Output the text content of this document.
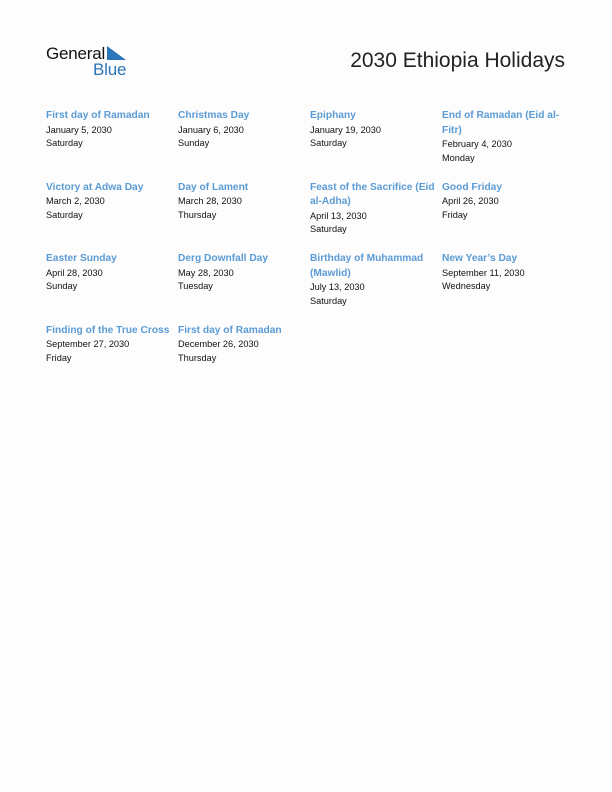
General
Blue	2030 Ethiopia Holidays
First day of Ramadan
January 5, 2030
Saturday
Christmas Day
January 6, 2030
Sunday
Epiphany
January 19, 2030
Saturday
End of Ramadan (Eid al-Fitr)
February 4, 2030
Monday
Victory at Adwa Day
March 2, 2030
Saturday
Day of Lament
March 28, 2030
Thursday
Feast of the Sacrifice (Eid al-Adha)
April 13, 2030
Saturday
Good Friday
April 26, 2030
Friday
Easter Sunday
April 28, 2030
Sunday
Derg Downfall Day
May 28, 2030
Tuesday
Birthday of Muhammad (Mawlid)
July 13, 2030
Saturday
New Year’s Day
September 11, 2030
Wednesday
Finding of the True Cross
September 27, 2030
Friday
First day of Ramadan
December 26, 2030
Thursday
